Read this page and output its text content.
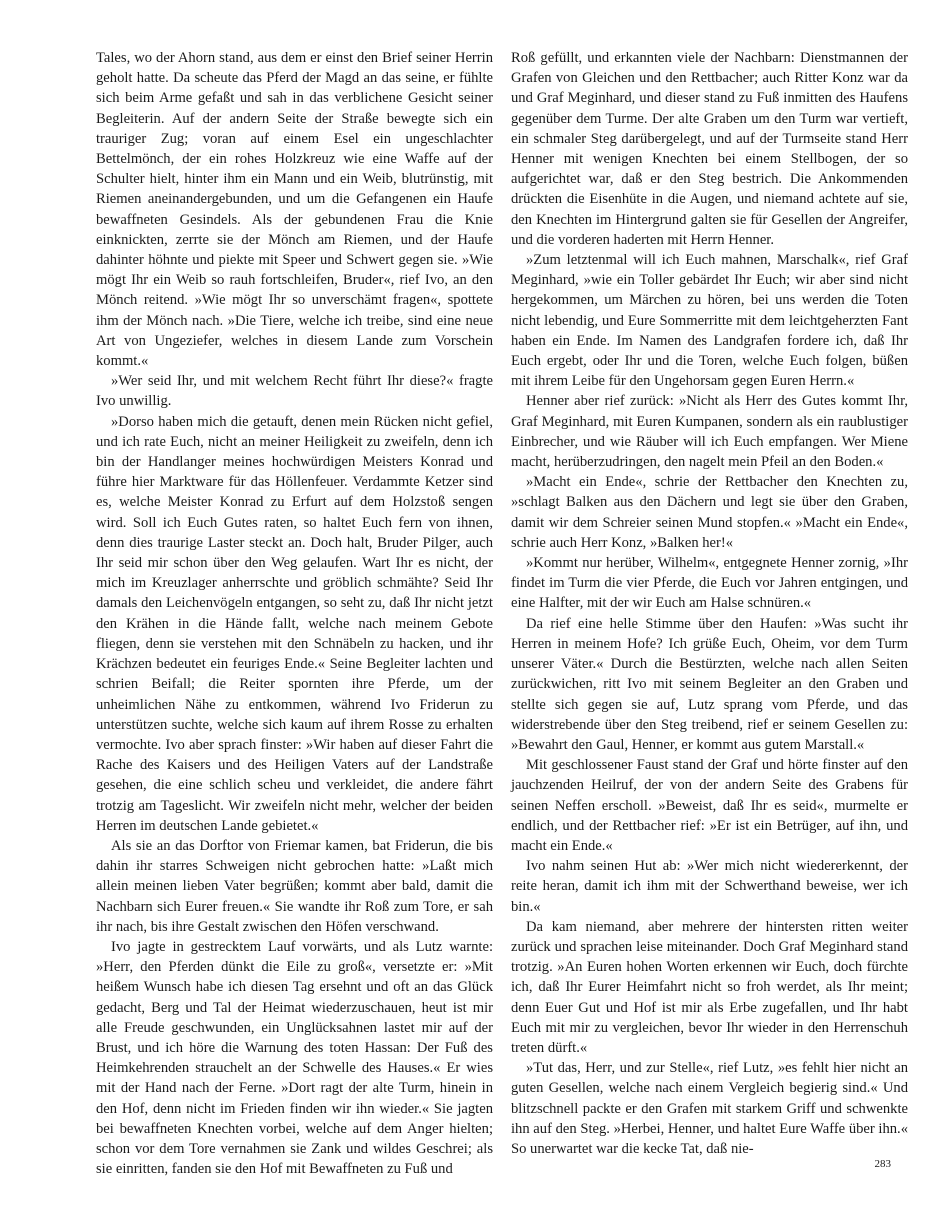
Tales, wo der Ahorn stand, aus dem er einst den Brief seiner Herrin geholt hatte. Da scheute das Pferd der Magd an das seine, er fühlte sich beim Arme gefaßt und sah in das verblichene Gesicht seiner Begleiterin. Auf der andern Seite der Straße bewegte sich ein trauriger Zug; voran auf einem Esel ein ungeschlachter Bettelmönch, der ein rohes Holzkreuz wie eine Waffe auf der Schulter hielt, hinter ihm ein Mann und ein Weib, blutrünstig, mit Riemen aneinandergebunden, und um die Gefangenen ein Haufe bewaffneten Gesindels. Als der gebundenen Frau die Knie einknickten, zerrte sie der Mönch am Riemen, und der Haufe dahinter höhnte und piekte mit Speer und Schwert gegen sie. »Wie mögt Ihr ein Weib so rauh fortschleifen, Bruder«, rief Ivo, an den Mönch reitend. »Wie mögt Ihr so unverschämt fragen«, spottete ihm der Mönch nach. »Die Tiere, welche ich treibe, sind eine neue Art von Ungeziefer, welches in diesem Lande zum Vorschein kommt.«

»Wer seid Ihr, und mit welchem Recht führt Ihr diese?« fragte Ivo unwillig.

»Dorso haben mich die getauft, denen mein Rücken nicht gefiel, und ich rate Euch, nicht an meiner Heiligkeit zu zweifeln, denn ich bin der Handlanger meines hochwürdigen Meisters Konrad und führe hier Marktware für das Höllenfeuer. Verdammte Ketzer sind es, welche Meister Konrad zu Erfurt auf dem Holzstoß sengen wird. Soll ich Euch Gutes raten, so haltet Euch fern von ihnen, denn dies traurige Laster steckt an. Doch halt, Bruder Pilger, auch Ihr seid mir schon über den Weg gelaufen. Wart Ihr es nicht, der mich im Kreuzlager anherrschte und gröblich schmähte? Seid Ihr damals den Leichenvögeln entgangen, so seht zu, daß Ihr nicht jetzt den Krähen in die Hände fallt, welche nach meinem Gebote fliegen, denn sie verstehen mit den Schnäbeln zu hacken, und ihr Krächzen bedeutet ein feuriges Ende.« Seine Begleiter lachten und schrien Beifall; die Reiter spornten ihre Pferde, um der unheimlichen Nähe zu entkommen, während Ivo Friderun zu unterstützen suchte, welche sich kaum auf ihrem Rosse zu erhalten vermochte. Ivo aber sprach finster: »Wir haben auf dieser Fahrt die Rache des Kaisers und des Heiligen Vaters auf der Landstraße gesehen, die eine schlich scheu und verkleidet, die andere fährt trotzig am Tageslicht. Wir zweifeln nicht mehr, welcher der beiden Herren im deutschen Lande gebietet.«

Als sie an das Dorftor von Friemar kamen, bat Friderun, die bis dahin ihr starres Schweigen nicht gebrochen hatte: »Laßt mich allein meinen lieben Vater begrüßen; kommt aber bald, damit die Nachbarn sich Eurer freuen.« Sie wandte ihr Roß zum Tore, er sah ihr nach, bis ihre Gestalt zwischen den Höfen verschwand.

Ivo jagte in gestrecktem Lauf vorwärts, und als Lutz warnte: »Herr, den Pferden dünkt die Eile zu groß«, versetzte er: »Mit heißem Wunsch habe ich diesen Tag ersehnt und oft an das Glück gedacht, Berg und Tal der Heimat wiederzuschauen, heut ist mir alle Freude geschwunden, ein Unglücksahnen lastet mir auf der Brust, und ich höre die Warnung des toten Hassan: Der Fuß des Heimkehrenden strauchelt an der Schwelle des Hauses.« Er wies mit der Hand nach der Ferne. »Dort ragt der alte Turm, hinein in den Hof, denn nicht im Frieden finden wir ihn wieder.« Sie jagten bei bewaffneten Knechten vorbei, welche auf dem Anger hielten; schon vor dem Tore vernahmen sie Zank und wildes Geschrei; als sie einritten, fanden sie den Hof mit Bewaffneten zu Fuß und

Roß gefüllt, und erkannten viele der Nachbarn: Dienstmannen der Grafen von Gleichen und den Rettbacher; auch Ritter Konz war da und Graf Meginhard, und dieser stand zu Fuß inmitten des Haufens gegenüber dem Turme. Der alte Graben um den Turm war vertieft, ein schmaler Steg darübergelegt, und auf der Turmseite stand Herr Henner mit wenigen Knechten bei einem Stellbogen, der so aufgerichtet war, daß er den Steg bestrich. Die Ankommenden drückten die Eisenhüte in die Augen, und niemand achtete auf sie, den Knechten im Hintergrund galten sie für Gesellen der Angreifer, und die vorderen haderten mit Herrn Henner.

»Zum letztenmal will ich Euch mahnen, Marschalk«, rief Graf Meginhard, »wie ein Toller gebärdet Ihr Euch; wir aber sind nicht hergekommen, um Märchen zu hören, bei uns werden die Toten nicht lebendig, und Eure Sommerritte mit dem leichtgeherzten Fant haben ein Ende. Im Namen des Landgrafen fordere ich, daß Ihr Euch ergebt, oder Ihr und die Toren, welche Euch folgen, büßen mit ihrem Leibe für den Ungehorsam gegen Euren Herrn.«

Henner aber rief zurück: »Nicht als Herr des Gutes kommt Ihr, Graf Meginhard, mit Euren Kumpanen, sondern als ein raublustiger Einbrecher, und wie Räuber will ich Euch empfangen. Wer Miene macht, herüberzudringen, den nagelt mein Pfeil an den Boden.«

»Macht ein Ende«, schrie der Rettbacher den Knechten zu, »schlagt Balken aus den Dächern und legt sie über den Graben, damit wir dem Schreier seinen Mund stopfen.« »Macht ein Ende«, schrie auch Herr Konz, »Balken her!«

»Kommt nur herüber, Wilhelm«, entgegnete Henner zornig, »Ihr findet im Turm die vier Pferde, die Euch vor Jahren entgingen, und eine Halfter, mit der wir Euch am Halse schnüren.«

Da rief eine helle Stimme über den Haufen: »Was sucht ihr Herren in meinem Hofe? Ich grüße Euch, Oheim, vor dem Turm unserer Väter.« Durch die Bestürzten, welche nach allen Seiten zurückwichen, ritt Ivo mit seinem Begleiter an den Graben und stellte sich gegen sie auf, Lutz sprang vom Pferde, und das widerstrebende über den Steg treibend, rief er seinem Gesellen zu: »Bewahrt den Gaul, Henner, er kommt aus gutem Marstall.«

Mit geschlossener Faust stand der Graf und hörte finster auf den jauchzenden Heilruf, der von der andern Seite des Grabens für seinen Neffen erscholl. »Beweist, daß Ihr es seid«, murmelte er endlich, und der Rettbacher rief: »Er ist ein Betrüger, auf ihn, und macht ein Ende.«

Ivo nahm seinen Hut ab: »Wer mich nicht wiedererkennt, der reite heran, damit ich ihm mit der Schwerthand beweise, wer ich bin.«

Da kam niemand, aber mehrere der hintersten ritten weiter zurück und sprachen leise miteinander. Doch Graf Meginhard stand trotzig. »An Euren hohen Worten erkennen wir Euch, doch fürchte ich, daß Ihr Eurer Heimfahrt nicht so froh werdet, als Ihr meint; denn Euer Gut und Hof ist mir als Erbe zugefallen, und Ihr habt Euch mit mir zu vergleichen, bevor Ihr wieder in den Herrenschuh treten dürft.«

»Tut das, Herr, und zur Stelle«, rief Lutz, »es fehlt hier nicht an guten Gesellen, welche nach einem Vergleich begierig sind.« Und blitzschnell packte er den Grafen mit starkem Griff und schwenkte ihn auf den Steg. »Herbei, Henner, und haltet Eure Waffe über ihn.« So unerwartet war die kecke Tat, daß nie-

283
